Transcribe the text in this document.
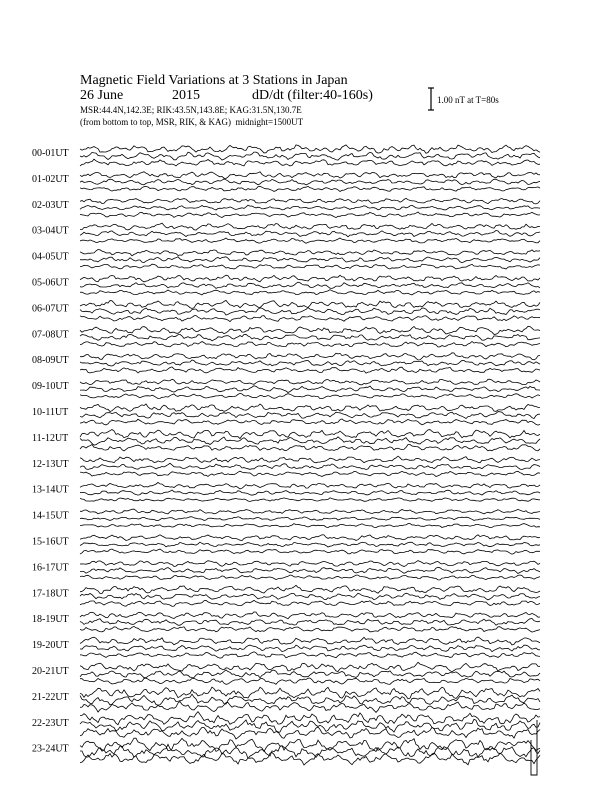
Magnetic Field Variations at 3 Stations in Japan
26 June	2015	dD/dt (filter:40-160s)
MSR:44.4N,142.3E; RIK:43.5N,143.8E; KAG:31.5N,130.7E
(from bottom to top, MSR, RIK, & KAG) midnight=1500UT
1.00 nT at T=80s
00-01UT
01-02UT
02-03UT
03-04UT
04-05UT
05-06UT
06-07UT
07-08UT
08-09UT
09-10UT
10-11UT
11-12UT
12-13UT
13-14UT
14-15UT
15-16UT
16-17UT
17-18UT
18-19UT
19-20UT
20-21UT
21-22UT
22-23UT
23-24UT
